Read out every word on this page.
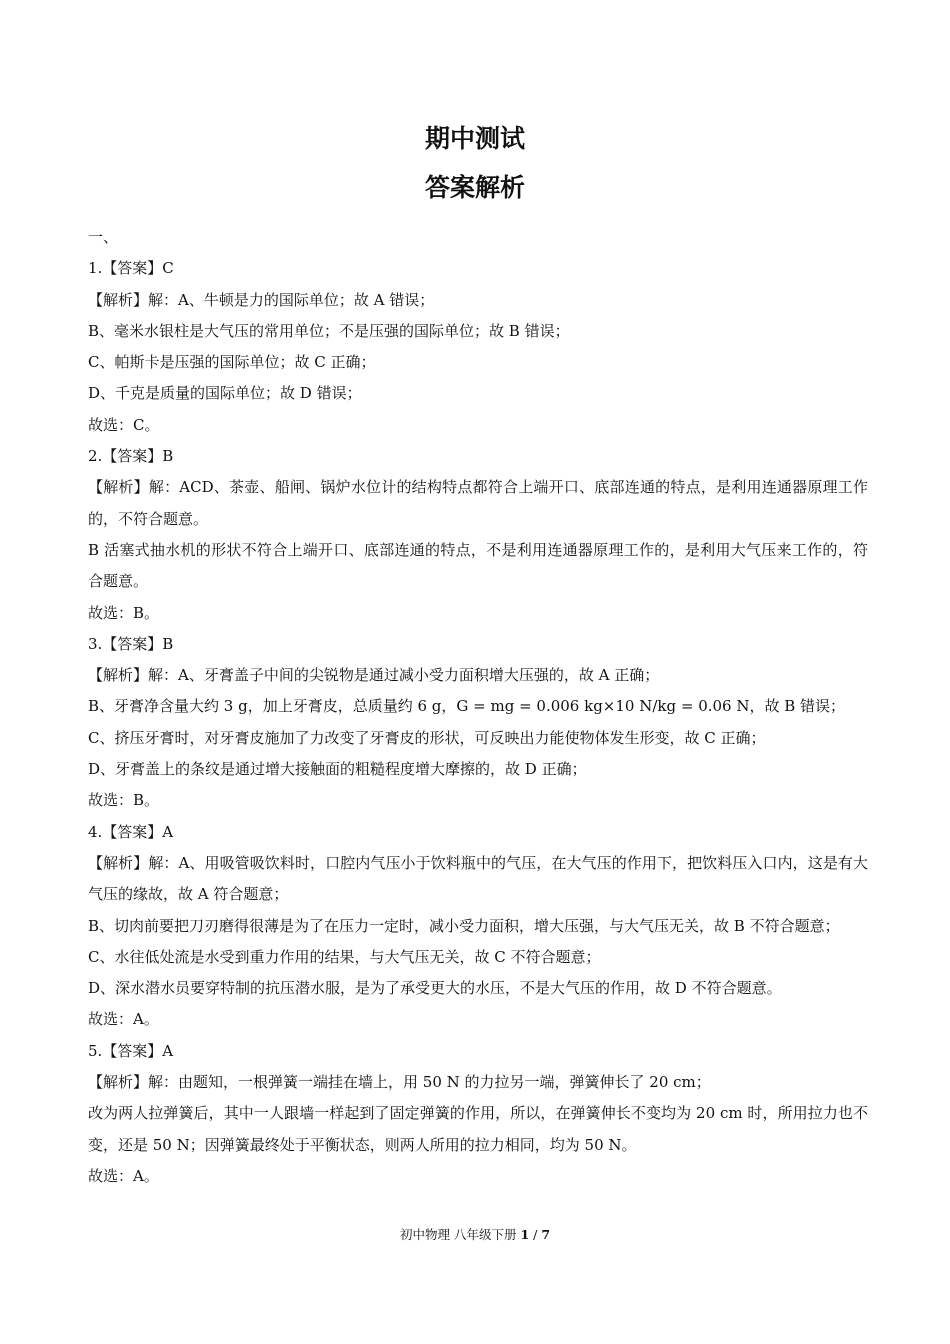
期中测试
答案解析

一、

1.【答案】C

【解析】解：A、牛顿是力的国际单位；故 A 错误；

B、毫米水银柱是大气压的常用单位；不是压强的国际单位；故 B 错误；

C、帕斯卡是压强的国际单位；故 C 正确；

D、千克是质量的国际单位；故 D 错误；

故选：C。

2.【答案】B

【解析】解：ACD、茶壶、船闸、锅炉水位计的结构特点都符合上端开口、底部连通的特点，是利用连通器原理工作的，不符合题意。

B 活塞式抽水机的形状不符合上端开口、底部连通的特点，不是利用连通器原理工作的，是利用大气压来工作的，符合题意。

故选：B。

3.【答案】B

【解析】解：A、牙膏盖子中间的尖锐物是通过减小受力面积增大压强的，故 A 正确；

B、牙膏净含量大约 3 g，加上牙膏皮，总质量约 6 g，G = mg = 0.006 kg×10 N/kg = 0.06 N，故 B 错误；

C、挤压牙膏时，对牙膏皮施加了力改变了牙膏皮的形状，可反映出力能使物体发生形变，故 C 正确；

D、牙膏盖上的条纹是通过增大接触面的粗糙程度增大摩擦的，故 D 正确；

故选：B。

4.【答案】A

【解析】解：A、用吸管吸饮料时，口腔内气压小于饮料瓶中的气压，在大气压的作用下，把饮料压入口内，这是有大气压的缘故，故 A 符合题意；

B、切肉前要把刀刃磨得很薄是为了在压力一定时，减小受力面积，增大压强，与大气压无关，故 B 不符合题意；

C、水往低处流是水受到重力作用的结果，与大气压无关，故 C 不符合题意；

D、深水潜水员要穿特制的抗压潜水服，是为了承受更大的水压，不是大气压的作用，故 D 不符合题意。

故选：A。

5.【答案】A

【解析】解：由题知，一根弹簧一端挂在墙上，用 50 N 的力拉另一端，弹簧伸长了 20 cm；

改为两人拉弹簧后，其中一人跟墙一样起到了固定弹簧的作用，所以，在弹簧伸长不变均为 20 cm 时，所用拉力也不变，还是 50 N；因弹簧最终处于平衡状态，则两人所用的拉力相同，均为 50 N。

故选：A。

初中物理 八年级下册 1 / 7
